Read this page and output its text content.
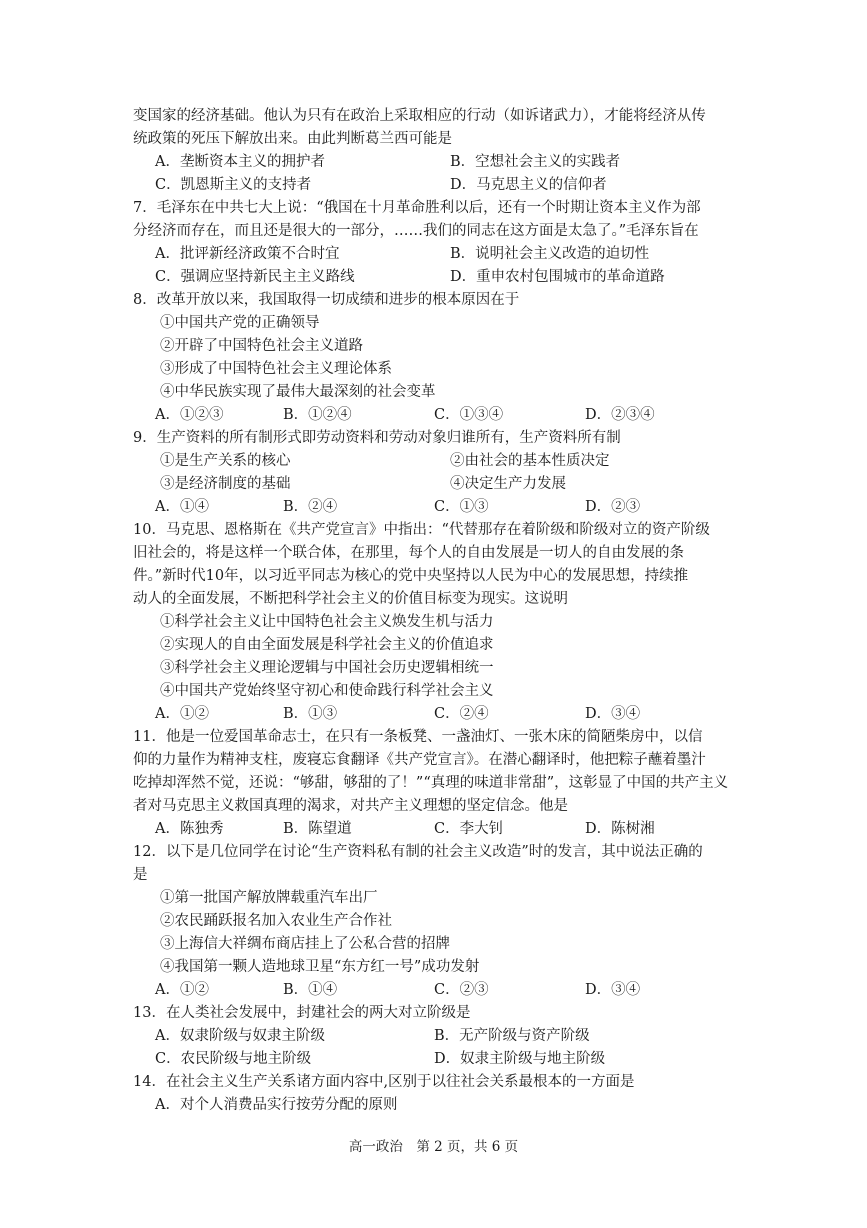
变国家的经济基础。他认为只有在政治上采取相应的行动（如诉诸武力），才能将经济从传
统政策的死压下解放出来。由此判断葛兰西可能是
A．垄断资本主义的拥护者	B．空想社会主义的实践者
C．凯恩斯主义的支持者	D．马克思主义的信仰者
7．毛泽东在中共七大上说：“俄国在十月革命胜利以后，还有一个时期让资本主义作为部
分经济而存在，而且还是很大的一部分，……我们的同志在这方面是太急了。”毛泽东旨在
A．批评新经济政策不合时宜	B．说明社会主义改造的迫切性
C．强调应坚持新民主主义路线	D．重申农村包围城市的革命道路
8．改革开放以来，我国取得一切成绩和进步的根本原因在于
①中国共产党的正确领导
②开辟了中国特色社会主义道路
③形成了中国特色社会主义理论体系
④中华民族实现了最伟大最深刻的社会变革
A．①②③	B．①②④	C．①③④	D．②③④
9．生产资料的所有制形式即劳动资料和劳动对象归谁所有，生产资料所有制
①是生产关系的核心	②由社会的基本性质决定
③是经济制度的基础	④决定生产力发展
A．①④	B．②④	C．①③	D．②③
10．马克思、恩格斯在《共产党宣言》中指出：“代替那存在着阶级和阶级对立的资产阶级
旧社会的，将是这样一个联合体，在那里，每个人的自由发展是一切人的自由发展的条
件。”新时代10年，以习近平同志为核心的党中央坚持以人民为中心的发展思想，持续推
动人的全面发展，不断把科学社会主义的价值目标变为现实。这说明
①科学社会主义让中国特色社会主义焕发生机与活力
②实现人的自由全面发展是科学社会主义的价值追求
③科学社会主义理论逻辑与中国社会历史逻辑相统一
④中国共产党始终坚守初心和使命践行科学社会主义
A．①②	B．①③	C．②④	D．③④
11．他是一位爱国革命志士，在只有一条板凳、一盏油灯、一张木床的简陋柴房中，以信
仰的力量作为精神支柱，废寝忘食翻译《共产党宣言》。在潜心翻译时，他把粽子蘸着墨汁
吃掉却浑然不觉，还说：“够甜，够甜的了！”“真理的味道非常甜”，这彰显了中国的共产主义
者对马克思主义救国真理的渴求，对共产主义理想的坚定信念。他是
A．陈独秀	B．陈望道	C．李大钊	D．陈树湘
12．以下是几位同学在讨论“生产资料私有制的社会主义改造”时的发言，其中说法正确的
是
①第一批国产解放牌载重汽车出厂
②农民踊跃报名加入农业生产合作社
③上海信大祥绸布商店挂上了公私合营的招牌
④我国第一颗人造地球卫星“东方红一号”成功发射
A．①②	B．①④	C．②③	D．③④
13．在人类社会发展中，封建社会的两大对立阶级是
A．奴隶阶级与奴隶主阶级	B．无产阶级与资产阶级
C．农民阶级与地主阶级	D．奴隶主阶级与地主阶级
14．在社会主义生产关系诸方面内容中,区别于以往社会关系最根本的一方面是
A．对个人消费品实行按劳分配的原则
高一政治　第 2 页，共 6 页
